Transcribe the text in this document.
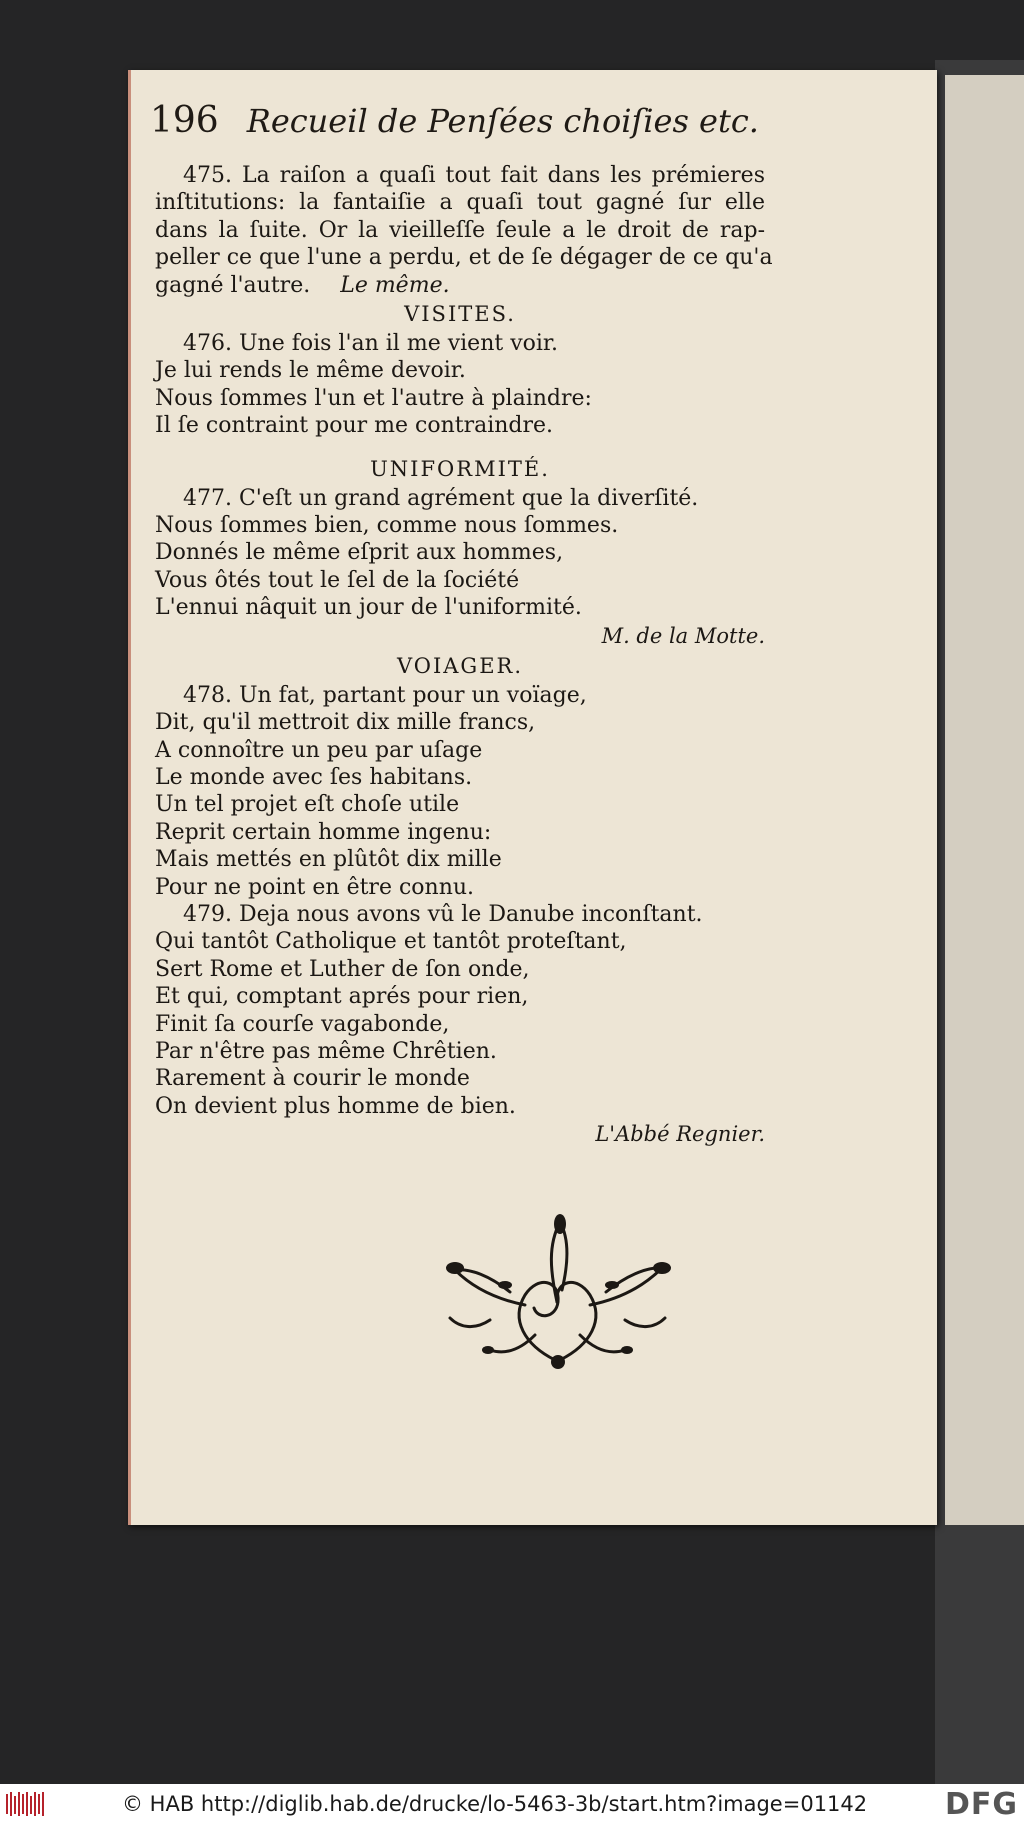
196 Recueil de Penſées choiſies etc.
475. La raiſon a quaſi tout fait dans les prémieres
inſtitutions: la fantaiſie a quaſi tout gagné ſur elle
dans la ſuite. Or la vieilleſſe ſeule a le droit de rap-
peller ce que l'une a perdu, et de ſe dégager de ce qu'a
gagné l'autre. Le même.
VISITES.
476. Une fois l'an il me vient voir.
Je lui rends le même devoir.
Nous ſommes l'un et l'autre à plaindre:
Il ſe contraint pour me contraindre.
UNIFORMITÉ.
477. C'eſt un grand agrément que la diverſité.
Nous ſommes bien, comme nous ſommes.
Donnés le même eſprit aux hommes,
Vous ôtés tout le ſel de la ſociété
L'ennui nâquit un jour de l'uniformité.
M. de la Motte.
VOIAGER.
478. Un fat, partant pour un voïage,
Dit, qu'il mettroit dix mille francs,
A connoître un peu par uſage
Le monde avec ſes habitans.
Un tel projet eſt choſe utile
Reprit certain homme ingenu:
Mais mettés en plûtôt dix mille
Pour ne point en être connu.
479. Deja nous avons vû le Danube inconſtant.
Qui tantôt Catholique et tantôt proteſtant,
Sert Rome et Luther de ſon onde,
Et qui, comptant aprés pour rien,
Finit ſa courſe vagabonde,
Par n'être pas même Chrêtien.
Rarement à courir le monde
On devient plus homme de bien.
L'Abbé Regnier.
© HAB http://diglib.hab.de/drucke/lo-5463-3b/start.htm?image=01142	DFG
